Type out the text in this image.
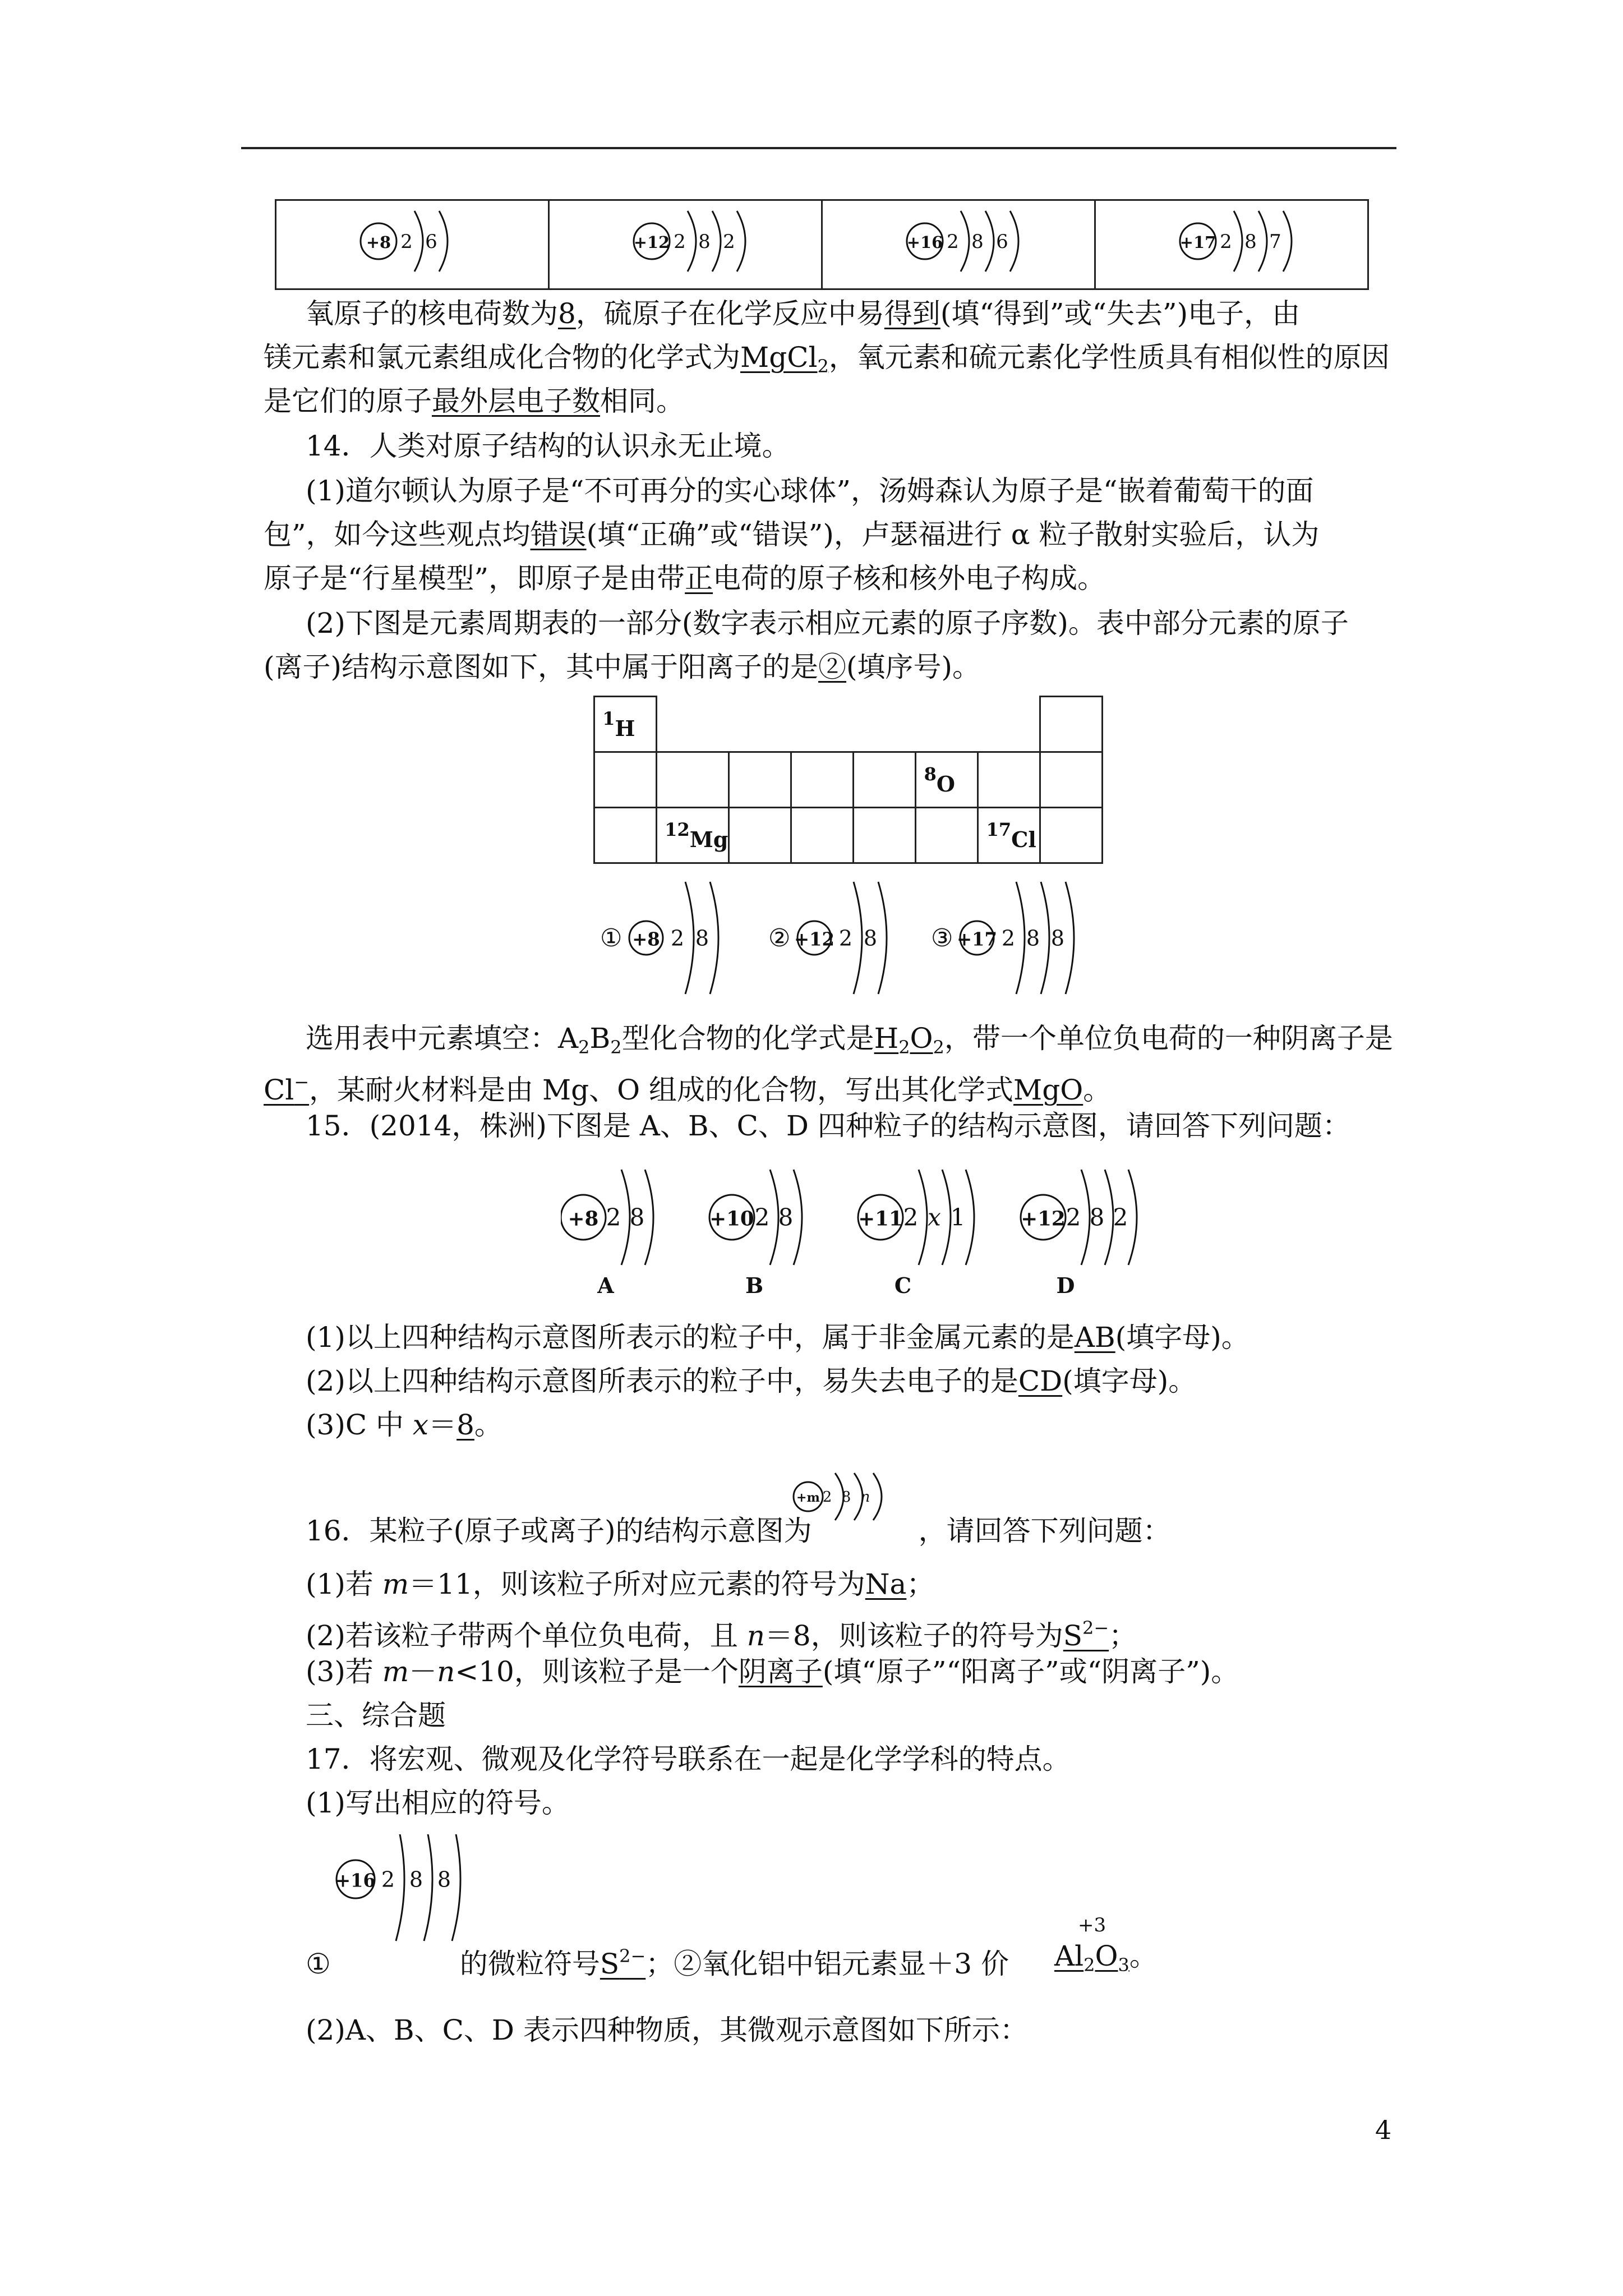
+8 2 6	+12 2 8 2	+16 2 8 6	+17 2 8 7
氧原子的核电荷数为8，硫原子在化学反应中易得到(填“得到”或“失去”)电子，由
镁元素和氯元素组成化合物的化学式为MgCl$_2$，氧元素和硫元素化学性质具有相似性的原因
是它们的原子最外层电子数相同。
14．人类对原子结构的认识永无止境。
(1)道尔顿认为原子是“不可再分的实心球体”，汤姆森认为原子是“嵌着葡萄干的面
包”，如今这些观点均错误(填“正确”或“错误”)，卢瑟福进行 α 粒子散射实验后，认为
原子是“行星模型”，即原子是由带正电荷的原子核和核外电子构成。
(2)下图是元素周期表的一部分(数字表示相应元素的原子序数)。表中部分元素的原子
(离子)结构示意图如下，其中属于阳离子的是②(填序号)。
$^1$H							
					$^8$O		
	$^{12}$Mg					$^{17}$Cl	
① +8 2 8 ② +12 2 8 ③ +17 2 8 8
选用表中元素填空：$A_2B_2$型化合物的化学式是$H_2O_2$，带一个单位负电荷的一种阴离子是
Cl−，某耐火材料是由 Mg、O 组成的化合物，写出其化学式MgO。
15．(2014，株洲)下图是 A、B、C、D 四种粒子的结构示意图，请回答下列问题：
+8 2 8
A
+10 2 8
B
+11 2 x 1
C
+12 2 8 2
D
(1)以上四种结构示意图所表示的粒子中，属于非金属元素的是AB(填字母)。
(2)以上四种结构示意图所表示的粒子中，易失去电子的是CD(填字母)。
(3)C 中 x＝8。
16．某粒子(原子或离子)的结构示意图为	，请回答下列问题：
+m 2 8 n
(1)若 m＝11，则该粒子所对应元素的符号为Na；
(2)若该粒子带两个单位负电荷，且 n＝8，则该粒子的符号为$S^{2-}$；
(3)若 m－n<10，则该粒子是一个阴离子(填“原子”“阳离子”或“阴离子”)。
三、综合题
17．将宏观、微观及化学符号联系在一起是化学学科的特点。
(1)写出相应的符号。
+16 2 8 8
①	的微粒符号$S^{2-}$；②氧化铝中铝元素显＋3 价
+3
$Al_2O_3$。
(2)A、B、C、D 表示四种物质，其微观示意图如下所示：
4
